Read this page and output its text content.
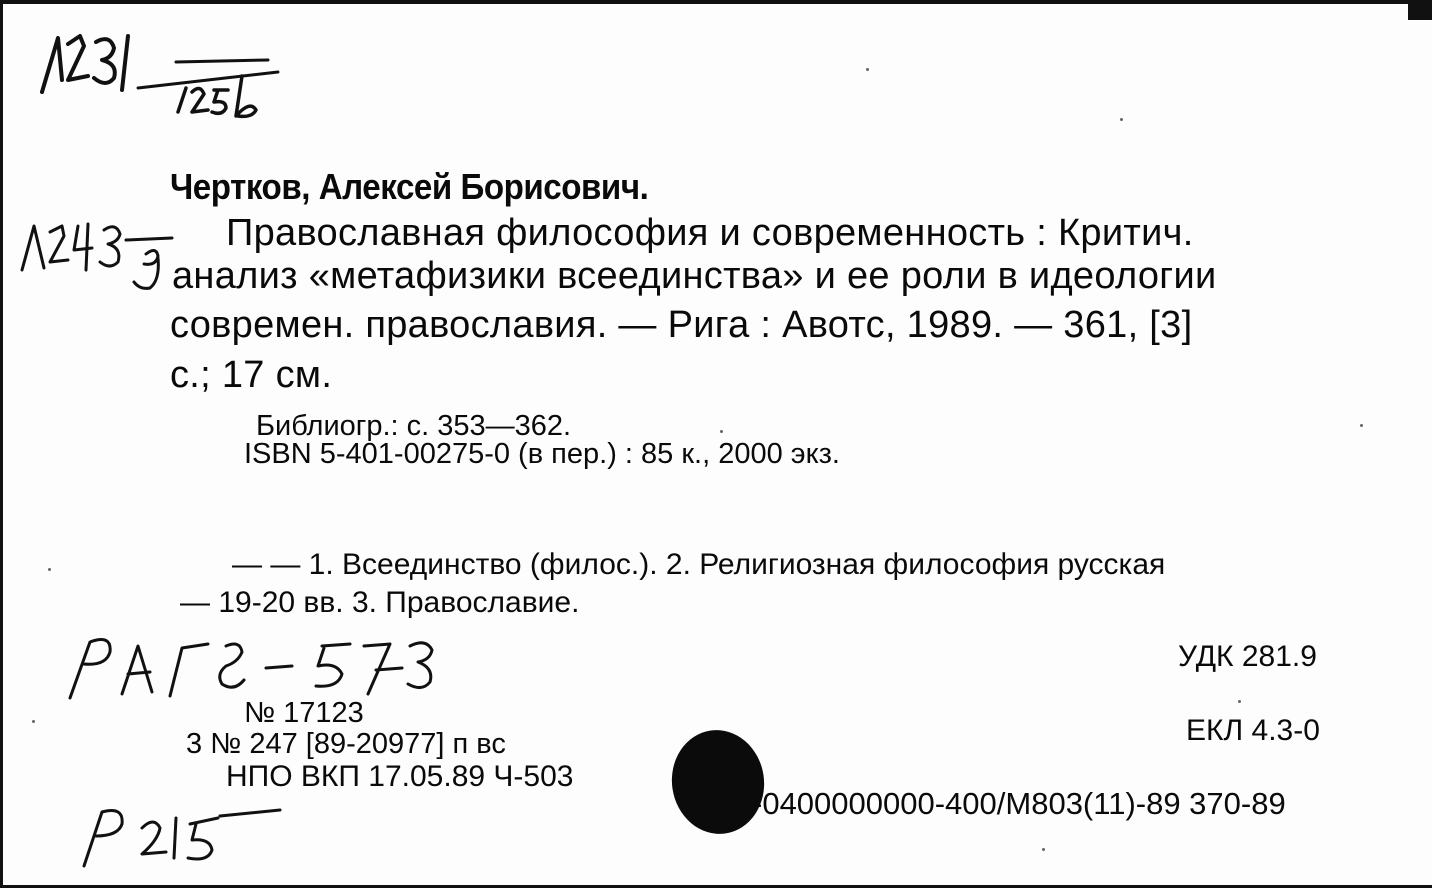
Чертков, Алексей Борисович.
Православная философия и современность : Критич.
анализ «метафизики всеединства» и ее роли в идеологии
современ. православия. — Рига : Авотс, 1989. — 361, [3]
с.; 17 см.
Библиогр.: с. 353—362.
ISBN 5-401-00275-0 (в пер.) : 85 к., 2000 экз.
— — 1. Всеединство (филос.). 2. Религиозная философия русская
— 19-20 вв. 3. Православие.
УДК 281.9
ЕКЛ 4.3-0
№ 17123
3 № 247 [89-20977] п вс
НПО ВКП 17.05.89 Ч-503
-0400000000-400/М803(11)-89 370-89
